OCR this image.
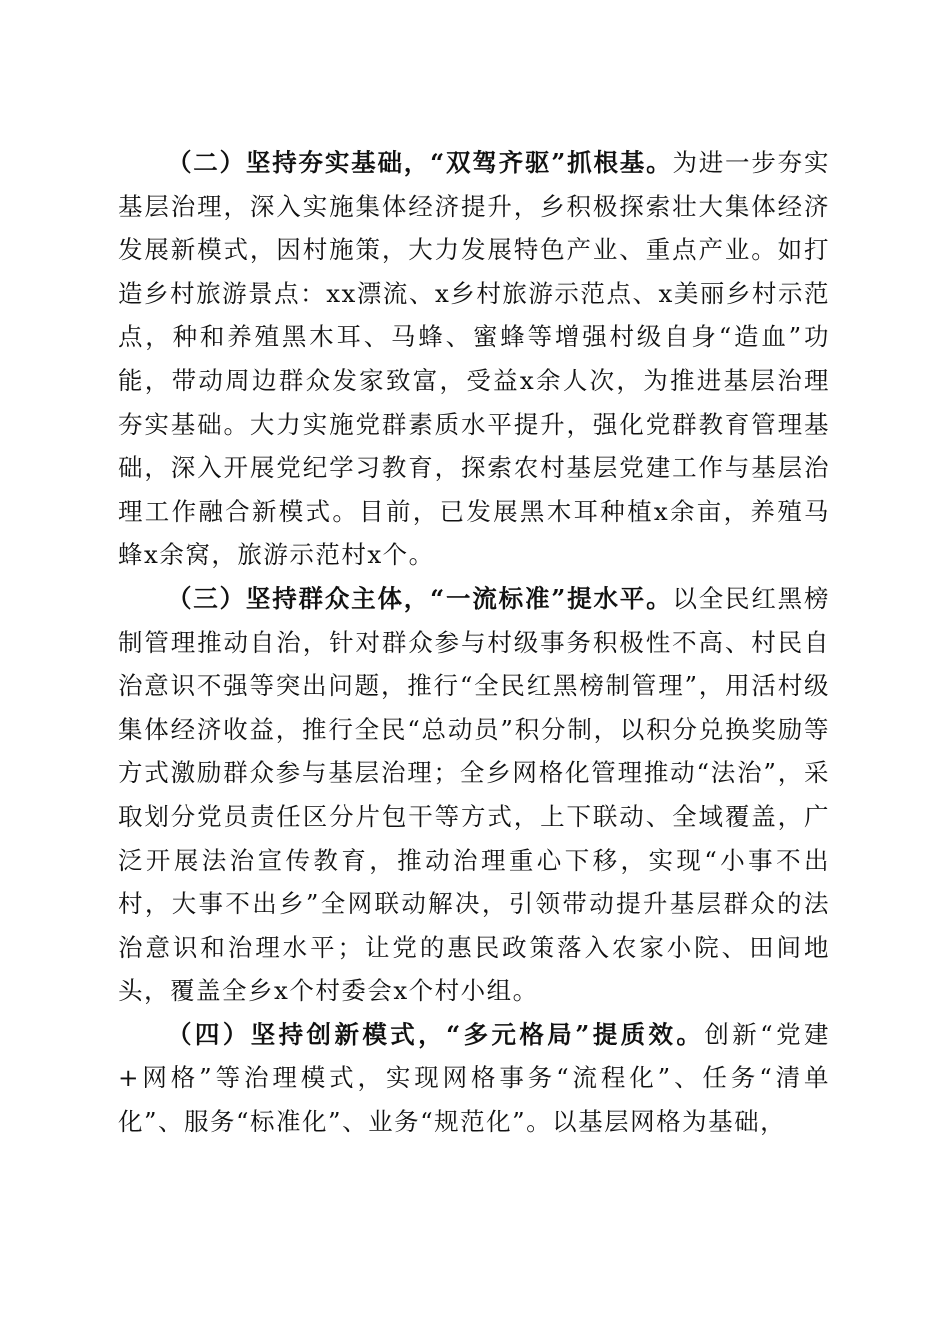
（二）坚持夯实基础，“双驾齐驱”抓根基。为进一步夯实基层治理，深入实施集体经济提升，乡积极探索壮大集体经济发展新模式，因村施策，大力发展特色产业、重点产业。如打造乡村旅游景点：xx漂流、x乡村旅游示范点、x美丽乡村示范点，种和养殖黑木耳、马蜂、蜜蜂等增强村级自身“造血”功能，带动周边群众发家致富，受益x余人次，为推进基层治理夯实基础。大力实施党群素质水平提升，强化党群教育管理基础，深入开展党纪学习教育，探索农村基层党建工作与基层治理工作融合新模式。目前，已发展黑木耳种植x余亩，养殖马蜂x余窝，旅游示范村x个。

（三）坚持群众主体，“一流标准”提水平。以全民红黑榜制管理推动自治，针对群众参与村级事务积极性不高、村民自治意识不强等突出问题，推行“全民红黑榜制管理”，用活村级集体经济收益，推行全民“总动员”积分制，以积分兑换奖励等方式激励群众参与基层治理；全乡网格化管理推动“法治”，采取划分党员责任区分片包干等方式，上下联动、全域覆盖，广泛开展法治宣传教育，推动治理重心下移，实现“小事不出村，大事不出乡”全网联动解决，引领带动提升基层群众的法治意识和治理水平；让党的惠民政策落入农家小院、田间地头，覆盖全乡x个村委会x个村小组。

（四）坚持创新模式，“多元格局”提质效。创新“党建+网格”等治理模式，实现网格事务“流程化”、任务“清单化”、服务“标准化”、业务“规范化”。以基层网格为基础，
